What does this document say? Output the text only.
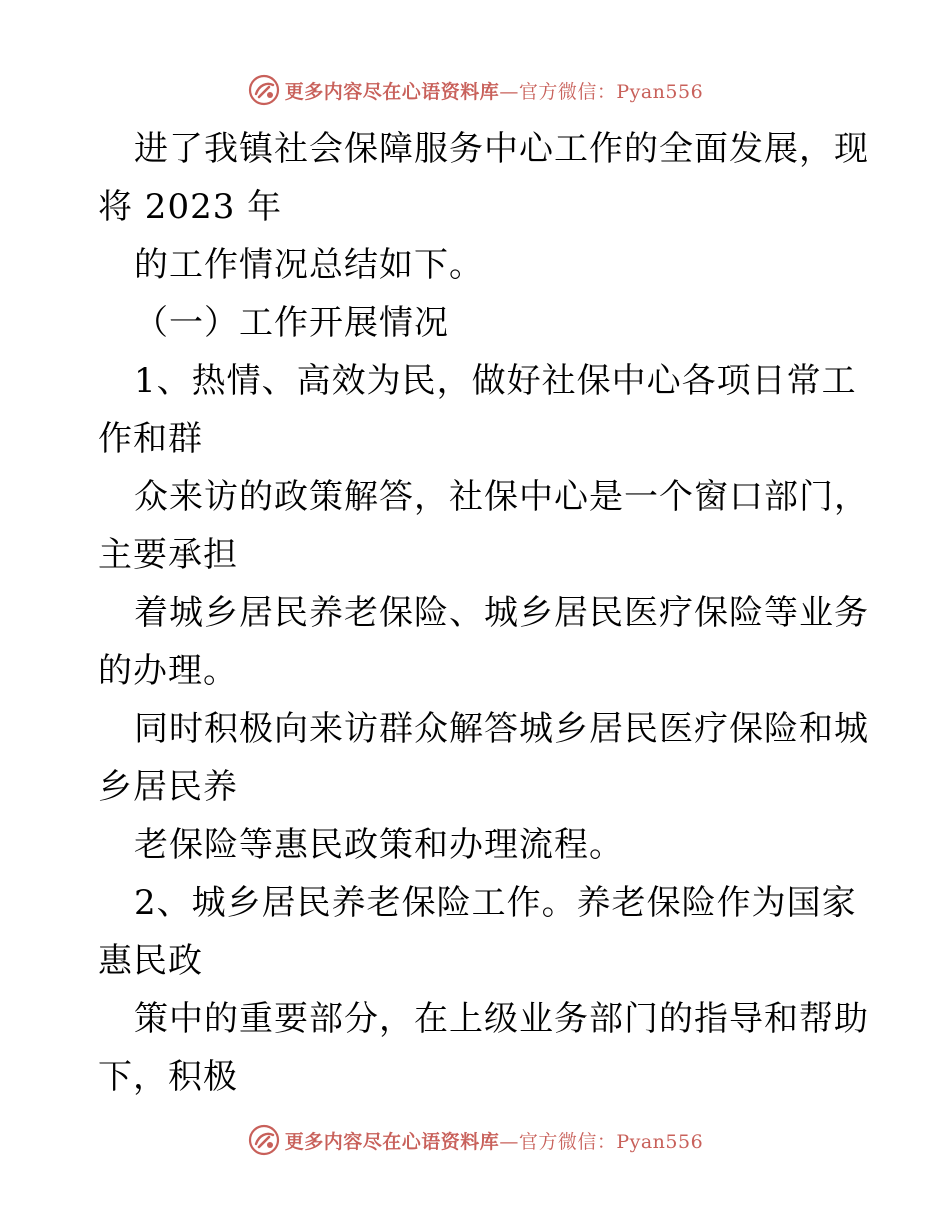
更多内容尽在心语资料库—官方微信：Pyan556
进了我镇社会保障服务中心工作的全面发展，现
将 2023 年
的工作情况总结如下。
（一）工作开展情况
1、热情、高效为民，做好社保中心各项日常工
作和群
众来访的政策解答，社保中心是一个窗口部门，
主要承担
着城乡居民养老保险、城乡居民医疗保险等业务
的办理。
同时积极向来访群众解答城乡居民医疗保险和城
乡居民养
老保险等惠民政策和办理流程。
2、城乡居民养老保险工作。养老保险作为国家
惠民政
策中的重要部分，在上级业务部门的指导和帮助
下，积极
更多内容尽在心语资料库—官方微信：Pyan556
